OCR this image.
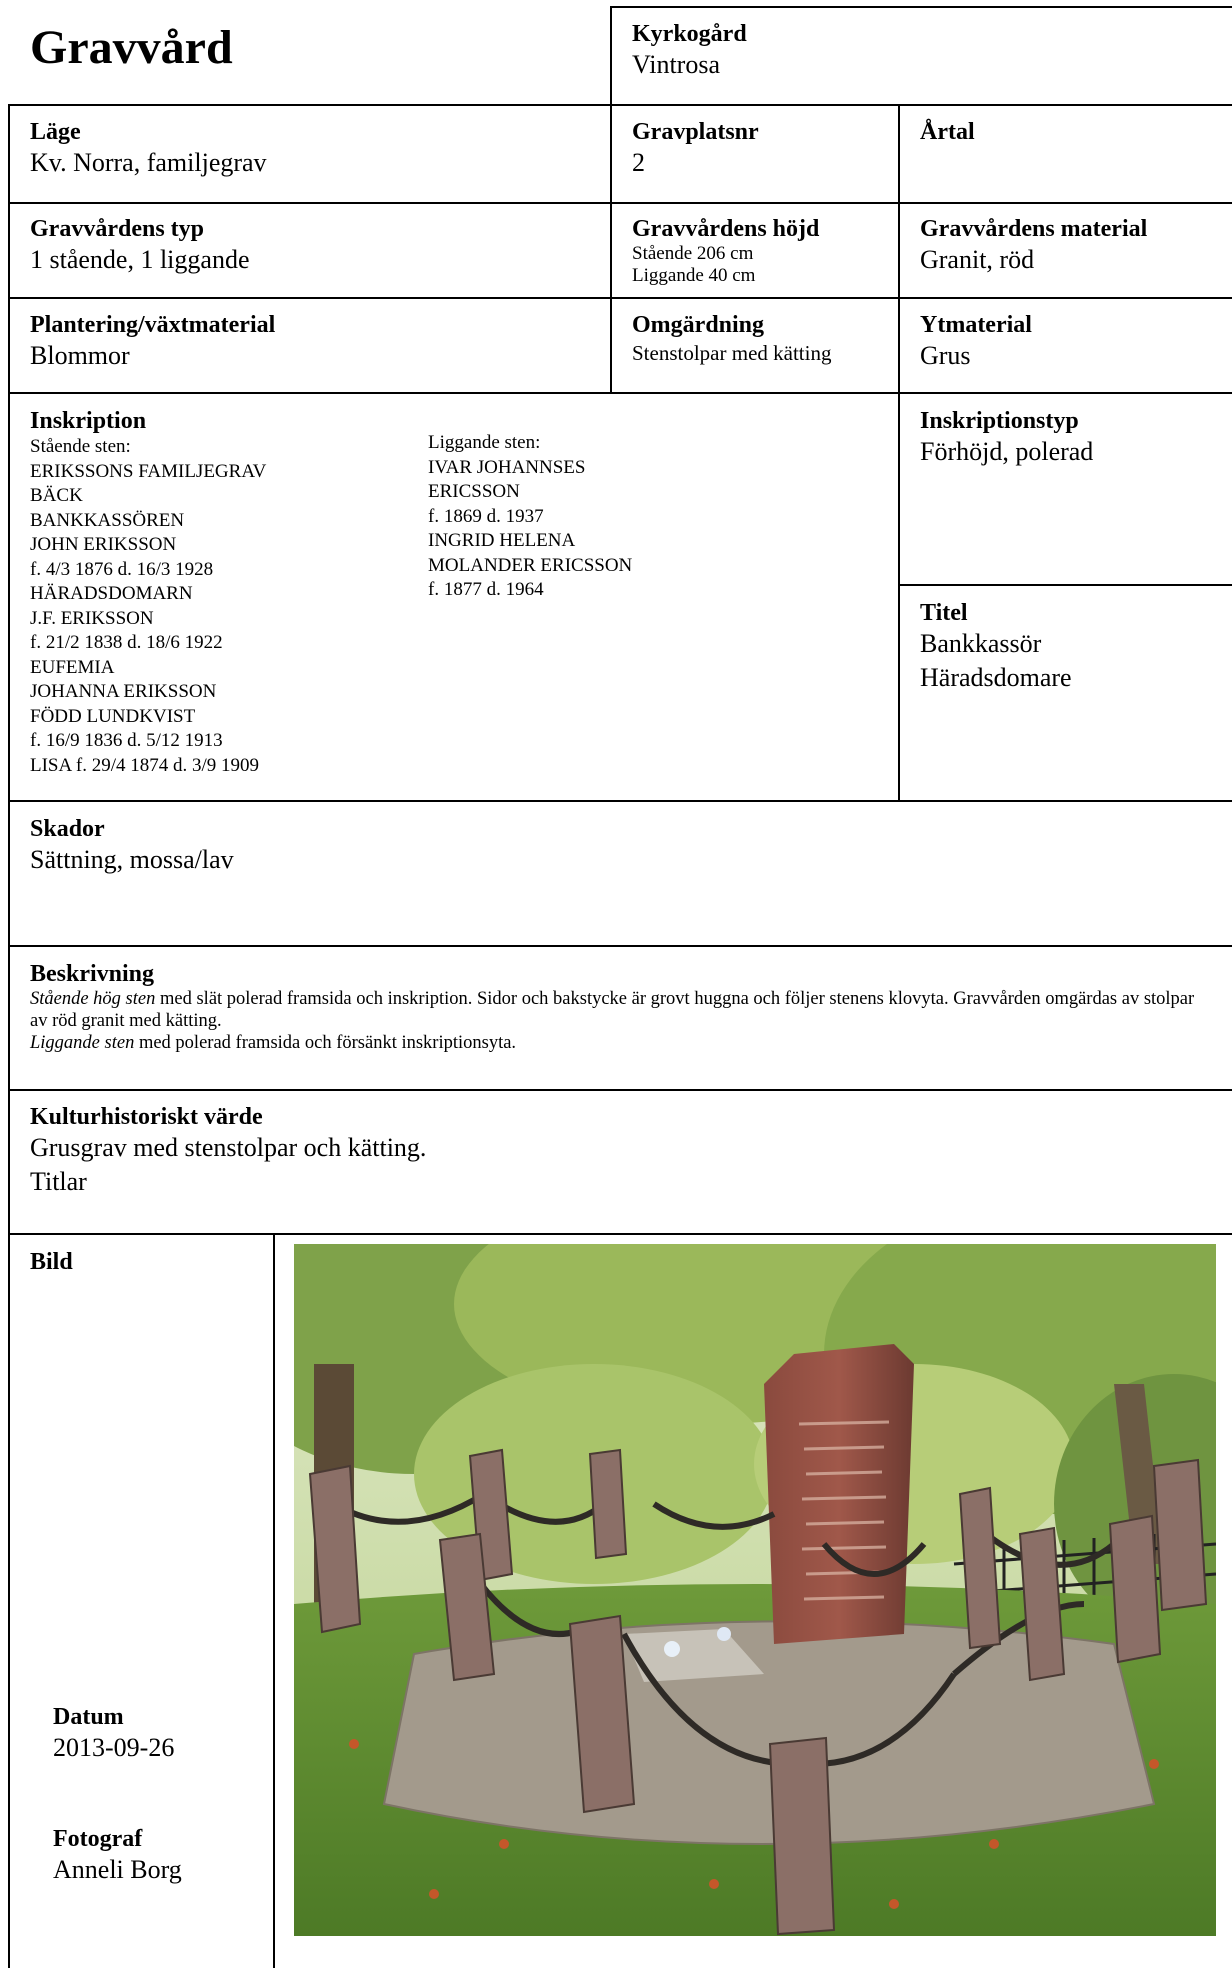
Gravvård	Kyrkogård
Vintrosa
Läge
Kv. Norra, familjegrav
Gravplatsnr
2
Årtal
Gravvårdens typ
1 stående, 1 liggande
Gravvårdens höjd
Stående 206 cm
Liggande 40 cm
Gravvårdens material
Granit, röd
Plantering/växtmaterial
Blommor
Omgärdning
Stenstolpar med kätting
Ytmaterial
Grus
Inskription
Stående sten:
ERIKSSONS FAMILJEGRAV
BÄCK
BANKKASSÖREN
JOHN ERIKSSON
f. 4/3 1876 d. 16/3 1928
HÄRADSDOMARN
J.F. ERIKSSON
f. 21/2 1838 d. 18/6 1922
EUFEMIA
JOHANNA ERIKSSON
FÖDD LUNDKVIST
f. 16/9 1836 d. 5/12 1913
LISA f. 29/4 1874 d. 3/9 1909
Liggande sten:
IVAR JOHANNSES
ERICSSON
f. 1869 d. 1937
INGRID HELENA
MOLANDER ERICSSON
f. 1877 d. 1964
Inskriptionstyp
Förhöjd, polerad
Titel
Bankkassör
Häradsdomare
Skador
Sättning, mossa/lav
Beskrivning
Stående hög sten med slät polerad framsida och inskription. Sidor och bakstycke är grovt huggna och följer stenens klovyta. Gravvården omgärdas av stolpar av röd granit med kätting.
Liggande sten med polerad framsida och försänkt inskriptionsyta.
Kulturhistoriskt värde
Grusgrav med stenstolpar och kätting.
Titlar
Bild
Datum
2013-09-26
Fotograf
Anneli Borg
